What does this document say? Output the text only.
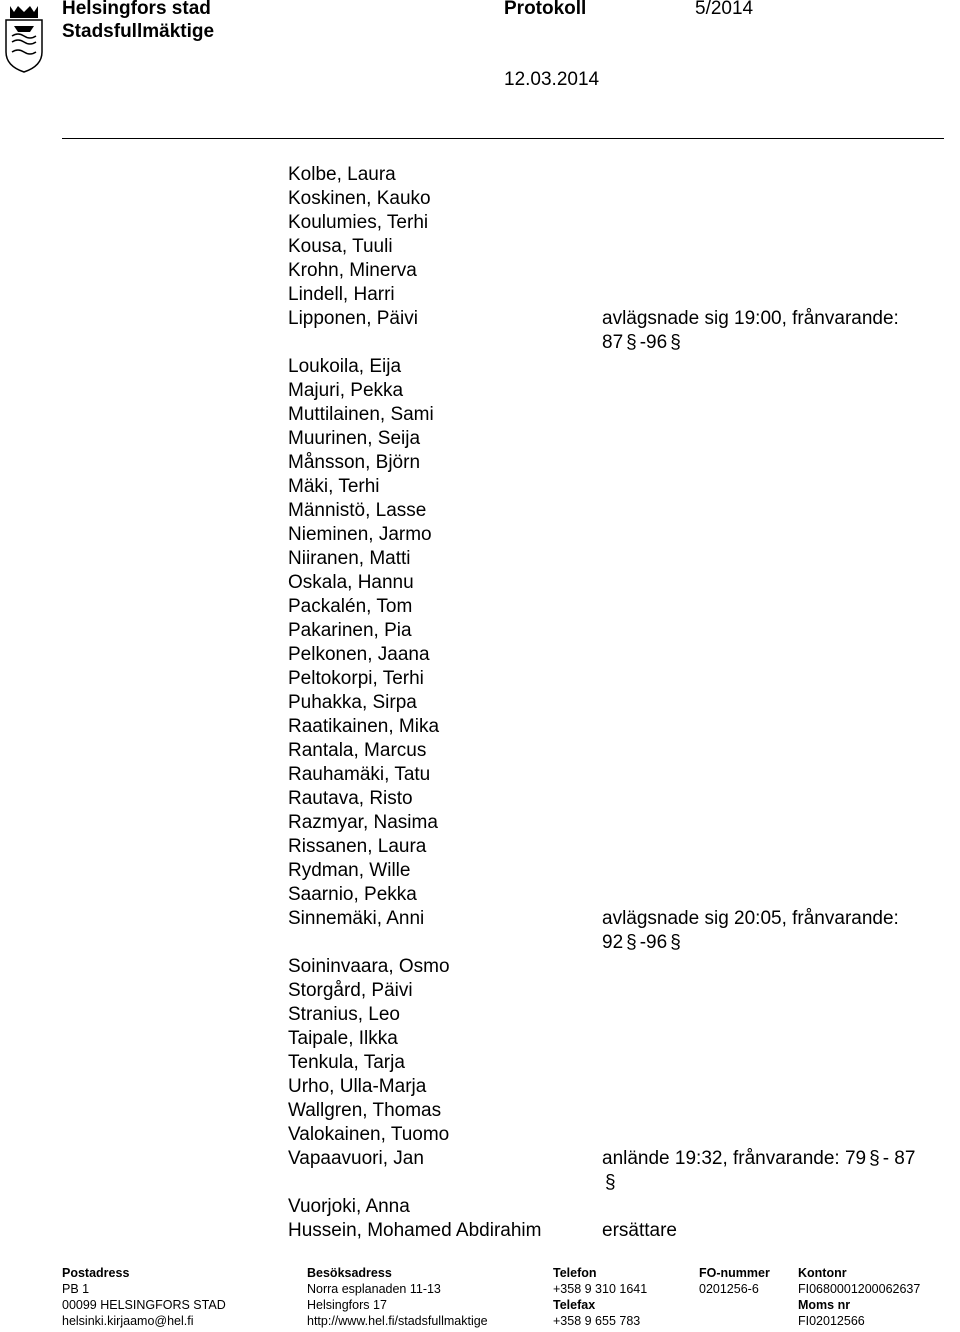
Helsingfors stad
Stadsfullmäktige
Protokoll	5/2014
12.03.2014
Kolbe, Laura
Koskinen, Kauko
Koulumies, Terhi
Kousa, Tuuli
Krohn, Minerva
Lindell, Harri
Lipponen, Päivi	avlägsnade sig 19:00, frånvarande: 87 § -96 §
Loukoila, Eija
Majuri, Pekka
Muttilainen, Sami
Muurinen, Seija
Månsson, Björn
Mäki, Terhi
Männistö, Lasse
Nieminen, Jarmo
Niiranen, Matti
Oskala, Hannu
Packalén, Tom
Pakarinen, Pia
Pelkonen, Jaana
Peltokorpi, Terhi
Puhakka, Sirpa
Raatikainen, Mika
Rantala, Marcus
Rauhamäki, Tatu
Rautava, Risto
Razmyar, Nasima
Rissanen, Laura
Rydman, Wille
Saarnio, Pekka
Sinnemäki, Anni	avlägsnade sig 20:05, frånvarande: 92 § -96 §
Soininvaara, Osmo
Storgård, Päivi
Stranius, Leo
Taipale, Ilkka
Tenkula, Tarja
Urho, Ulla-Marja
Wallgren, Thomas
Valokainen, Tuomo
Vapaavuori, Jan	anlände 19:32, frånvarande: 79 § - 87§
Vuorjoki, Anna
Hussein, Mohamed Abdirahim	ersättare
Postadress
PB 1
00099 HELSINGFORS STAD
helsinki.kirjaamo@hel.fi
Besöksadress
Norra esplanaden 11-13
Helsingfors 17
http://www.hel.fi/stadsfullmaktige
Telefon
+358 9 310 1641
Telefax
+358 9 655 783
FO-nummer
0201256-6
Kontonr
FI0680001200062637
Moms nr
FI02012566
